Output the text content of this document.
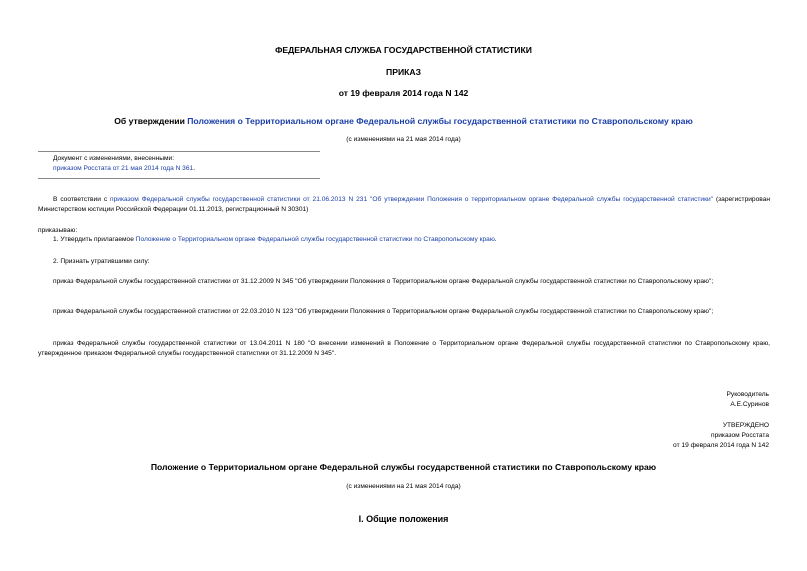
ФЕДЕРАЛЬНАЯ СЛУЖБА ГОСУДАРСТВЕННОЙ СТАТИСТИКИ
ПРИКАЗ
от 19 февраля 2014 года N 142
Об утверждении Положения о Территориальном органе Федеральной службы государственной статистики по Ставропольскому краю
(с изменениями на 21 мая 2014 года)
Документ с изменениями, внесенными:
приказом Росстата от 21 мая 2014 года N 361.
В соответствии с приказом Федеральной службы государственной статистики от 21.06.2013 N 231 "Об утверждении Положения о территориальном органе Федеральной службы государственной статистики" (зарегистрирован Министерством юстиции Российской Федерации 01.11.2013, регистрационный N 30301)
приказываю:
1. Утвердить прилагаемое Положение о Территориальном органе Федеральной службы государственной статистики по Ставропольскому краю.
2. Признать утратившими силу:
приказ Федеральной службы государственной статистики от 31.12.2009 N 345 "Об утверждении Положения о Территориальном органе Федеральной службы государственной статистики по Ставропольскому краю";
приказ Федеральной службы государственной статистики от 22.03.2010 N 123 "Об утверждении Положения о Территориальном органе Федеральной службы государственной статистики по Ставропольскому краю";
приказ Федеральной службы государственной статистики от 13.04.2011 N 180 "О внесении изменений в Положение о Территориальном органе Федеральной службы государственной статистики по Ставропольскому краю, утвержденное приказом Федеральной службы государственной статистики от 31.12.2009 N 345".
Руководитель
А.Е.Суринов
УТВЕРЖДЕНО
приказом Росстата
от 19 февраля 2014 года N 142
Положение о Территориальном органе Федеральной службы государственной статистики по Ставропольскому краю
(с изменениями на 21 мая 2014 года)
I. Общие положения
